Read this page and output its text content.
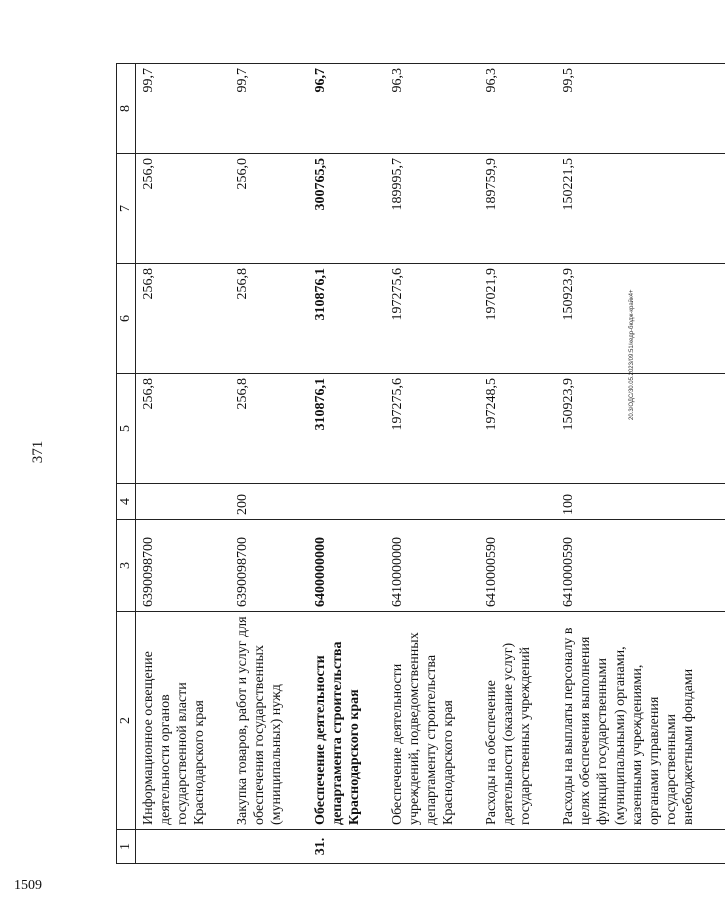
371
1	2	3	4	5	6	7	8
	Информационное освещение деятельности органов государственной власти Краснодарского края	6390098700		256,8	256,8	256,0	99,7
	Закупка товаров, работ и услуг для обеспечения государственных (муниципальных) нужд	6390098700	200	256,8	256,8	256,0	99,7
31.	Обеспечение деятельности департамента строительства Краснодарского края	6400000000		310876,1	310876,1	300765,5	96,7
	Обеспечение деятельности учреждений, подведомственных департаменту строительства Краснодарского края	6410000000		197275,6	197275,6	189995,7	96,3
	Расходы на обеспечение деятельности (оказание услуг) государственных учреждений	6410000590		197248,5	197021,9	189759,9	96,3
	Расходы на выплаты персоналу в целях обеспечения выполнения функций государственными (муниципальными) органами, казенными учреждениями, органами управления государственными внебюджетными фондами	6410000590	100	150923,9	150923,9	150221,5	99,5
1509
20.3/ОДС/30.05.2023/09:51/кедр-бюдж-крайк4+
